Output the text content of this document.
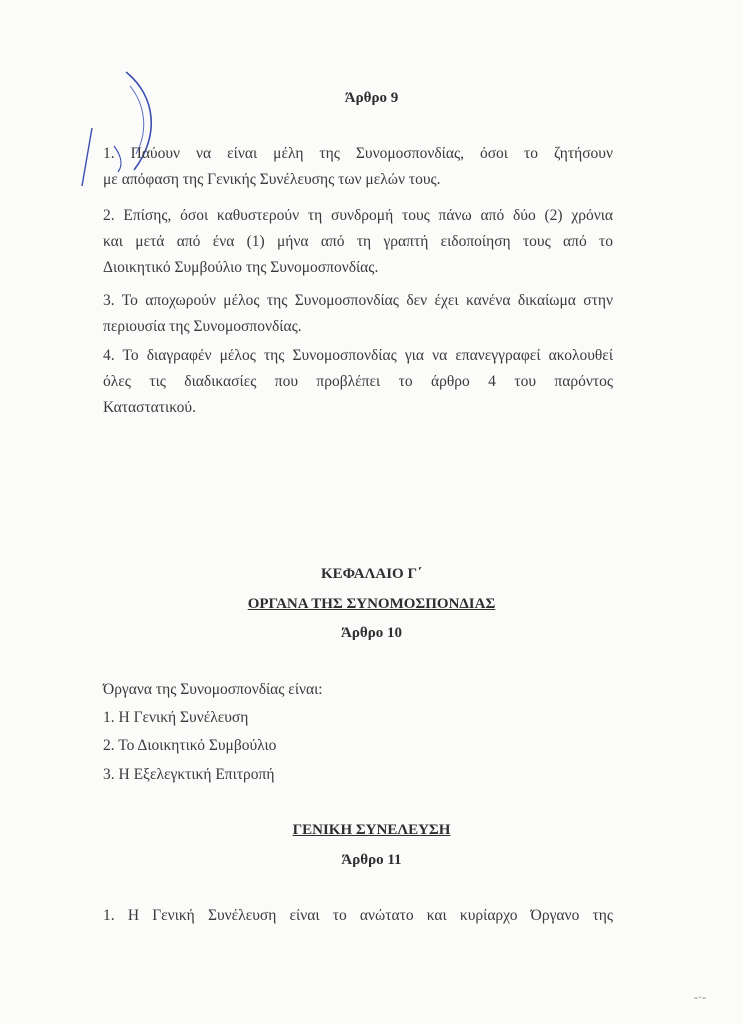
Άρθρο 9
1. Παύουν να είναι μέλη της Συνομοσπονδίας, όσοι το ζητήσουν
με απόφαση της Γενικής Συνέλευσης των μελών τους.
2. Επίσης, όσοι καθυστερούν τη συνδρομή τους πάνω από δύο (2) χρόνια
και μετά από ένα (1) μήνα από τη γραπτή ειδοποίηση τους από το
Διοικητικό Συμβούλιο της Συνομοσπονδίας.
3. Το αποχωρούν μέλος της Συνομοσπονδίας δεν έχει κανένα δικαίωμα στην
περιουσία της Συνομοσπονδίας.
4. Το διαγραφέν μέλος της Συνομοσπονδίας για να επανεγγραφεί ακολουθεί
όλες τις διαδικασίες που προβλέπει το άρθρο 4 του παρόντος
Καταστατικού.
ΚΕΦΑΛΑΙΟ Γ΄
ΟΡΓΑΝΑ ΤΗΣ ΣΥΝΟΜΟΣΠΟΝΔΙΑΣ
Άρθρο 10

Όργανα της Συνομοσπονδίας είναι:

1. Η Γενική Συνέλευση

2. Το Διοικητικό Συμβούλιο

3. Η Εξελεγκτική Επιτροπή

ΓΕΝΙΚΗ ΣΥΝΕΛΕΥΣΗ
Άρθρο 11
1. Η Γενική Συνέλευση είναι το ανώτατο και κυρίαρχο Όργανο της
‑·‑
